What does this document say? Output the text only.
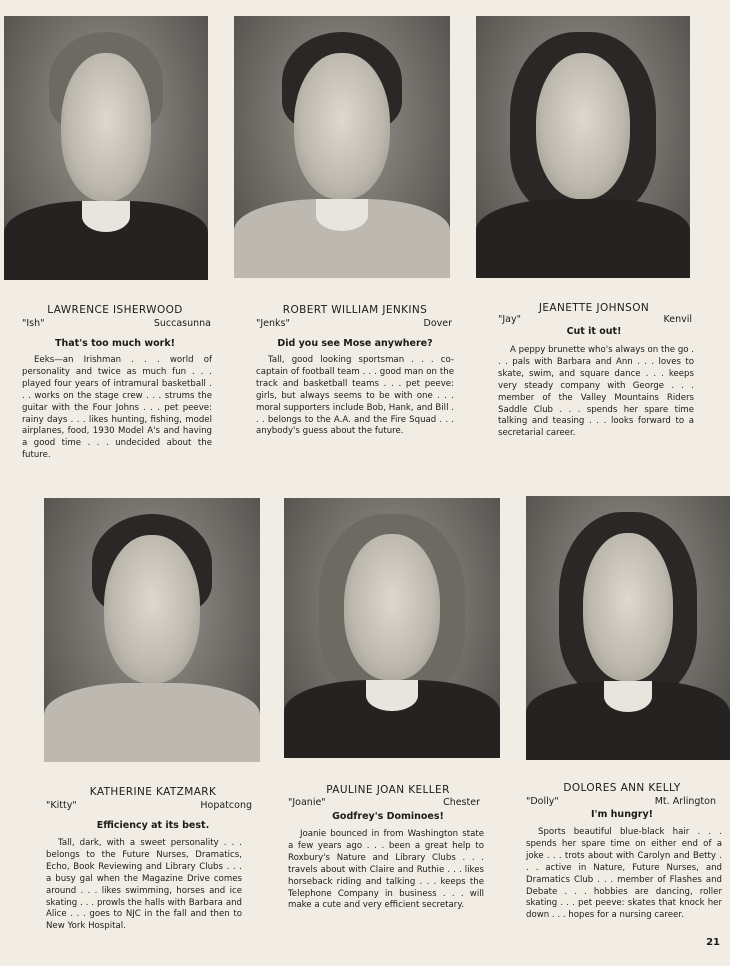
LAWRENCE ISHERWOOD
"Ish"	Succasunna
That's too much work!
Eeks—an Irishman . . . world of personality and twice as much fun . . . played four years of intramural basketball . . . works on the stage crew . . . strums the guitar with the Four Johns . . . pet peeve: rainy days . . . likes hunting, fishing, model airplanes, food, 1930 Model A's and having a good time . . . undecided about the future.
ROBERT WILLIAM JENKINS
"Jenks"	Dover
Did you see Mose anywhere?
Tall, good looking sportsman . . . co-captain of football team . . . good man on the track and basketball teams . . . pet peeve: girls, but always seems to be with one . . . moral supporters include Bob, Hank, and Bill . . . belongs to the A.A. and the Fire Squad . . . anybody's guess about the future.
JEANETTE JOHNSON
"Jay"	Kenvil
Cut it out!
A peppy brunette who's always on the go . . . pals with Barbara and Ann . . . loves to skate, swim, and square dance . . . keeps very steady company with George . . . member of the Valley Mountains Riders Saddle Club . . . spends her spare time talking and teasing . . . looks forward to a secretarial career.
KATHERINE KATZMARK
"Kitty"	Hopatcong
Efficiency at its best.
Tall, dark, with a sweet personality . . . belongs to the Future Nurses, Dramatics, Echo, Book Reviewing and Library Clubs . . . a busy gal when the Magazine Drive comes around . . . likes swimming, horses and ice skating . . . prowls the halls with Barbara and Alice . . . goes to NJC in the fall and then to New York Hospital.
PAULINE JOAN KELLER
"Joanie"	Chester
Godfrey's Dominoes!
Joanie bounced in from Washington state a few years ago . . . been a great help to Roxbury's Nature and Library Clubs . . . travels about with Claire and Ruthie . . . likes horseback riding and talking . . . keeps the Telephone Company in business . . . will make a cute and very efficient secretary.
DOLORES ANN KELLY
"Dolly"	Mt. Arlington
I'm hungry!
Sports beautiful blue-black hair . . . spends her spare time on either end of a joke . . . trots about with Carolyn and Betty . . . active in Nature, Future Nurses, and Dramatics Club . . . member of Flashes and Debate . . . hobbies are dancing, roller skating . . . pet peeve: skates that knock her down . . . hopes for a nursing career.
21
